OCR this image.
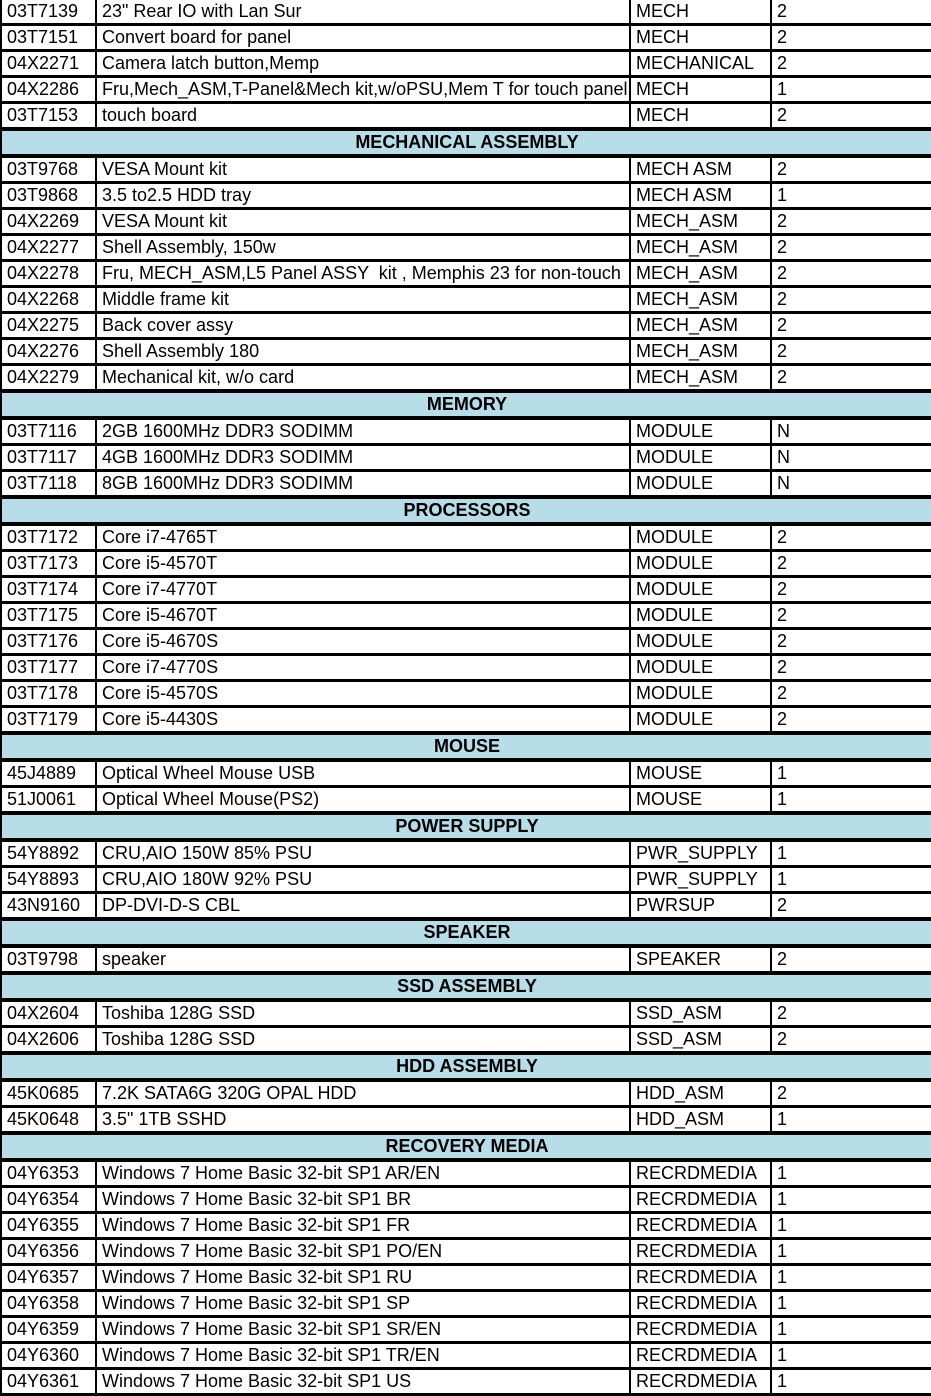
03T7139	23" Rear IO with Lan Sur	MECH	2
03T7151	Convert board for panel	MECH	2
04X2271	Camera latch button,Memp	MECHANICAL	2
04X2286	Fru,Mech_ASM,T-Panel&Mech kit,w/oPSU,Mem T for touch panel	MECH	1
03T7153	touch board	MECH	2
MECHANICAL ASSEMBLY			
03T9768	VESA Mount kit	MECH ASM	2
03T9868	3.5 to2.5 HDD tray	MECH ASM	1
04X2269	VESA Mount kit	MECH_ASM	2
04X2277	Shell Assembly, 150w	MECH_ASM	2
04X2278	Fru, MECH_ASM,L5 Panel ASSY  kit , Memphis 23 for non-touch	MECH_ASM	2
04X2268	Middle frame kit	MECH_ASM	2
04X2275	Back cover assy	MECH_ASM	2
04X2276	Shell Assembly 180	MECH_ASM	2
04X2279	Mechanical kit, w/o card	MECH_ASM	2
MEMORY			
03T7116	2GB 1600MHz DDR3 SODIMM	MODULE	N
03T7117	4GB 1600MHz DDR3 SODIMM	MODULE	N
03T7118	8GB 1600MHz DDR3 SODIMM	MODULE	N
PROCESSORS			
03T7172	Core i7-4765T	MODULE	2
03T7173	Core i5-4570T	MODULE	2
03T7174	Core i7-4770T	MODULE	2
03T7175	Core i5-4670T	MODULE	2
03T7176	Core i5-4670S	MODULE	2
03T7177	Core i7-4770S	MODULE	2
03T7178	Core i5-4570S	MODULE	2
03T7179	Core i5-4430S	MODULE	2
MOUSE			
45J4889	Optical Wheel Mouse USB	MOUSE	1
51J0061	Optical Wheel Mouse(PS2)	MOUSE	1
POWER SUPPLY			
54Y8892	CRU,AIO 150W 85% PSU	PWR_SUPPLY	1
54Y8893	CRU,AIO 180W 92% PSU	PWR_SUPPLY	1
43N9160	DP-DVI-D-S CBL	PWRSUP	2
SPEAKER			
03T9798	speaker	SPEAKER	2
SSD ASSEMBLY			
04X2604	Toshiba 128G SSD	SSD_ASM	2
04X2606	Toshiba 128G SSD	SSD_ASM	2
HDD ASSEMBLY			
45K0685	7.2K SATA6G 320G OPAL HDD	HDD_ASM	2
45K0648	3.5" 1TB SSHD	HDD_ASM	1
RECOVERY MEDIA			
04Y6353	Windows 7 Home Basic 32-bit SP1 AR/EN	RECRDMEDIA	1
04Y6354	Windows 7 Home Basic 32-bit SP1 BR	RECRDMEDIA	1
04Y6355	Windows 7 Home Basic 32-bit SP1 FR	RECRDMEDIA	1
04Y6356	Windows 7 Home Basic 32-bit SP1 PO/EN	RECRDMEDIA	1
04Y6357	Windows 7 Home Basic 32-bit SP1 RU	RECRDMEDIA	1
04Y6358	Windows 7 Home Basic 32-bit SP1 SP	RECRDMEDIA	1
04Y6359	Windows 7 Home Basic 32-bit SP1 SR/EN	RECRDMEDIA	1
04Y6360	Windows 7 Home Basic 32-bit SP1 TR/EN	RECRDMEDIA	1
04Y6361	Windows 7 Home Basic 32-bit SP1 US	RECRDMEDIA	1
